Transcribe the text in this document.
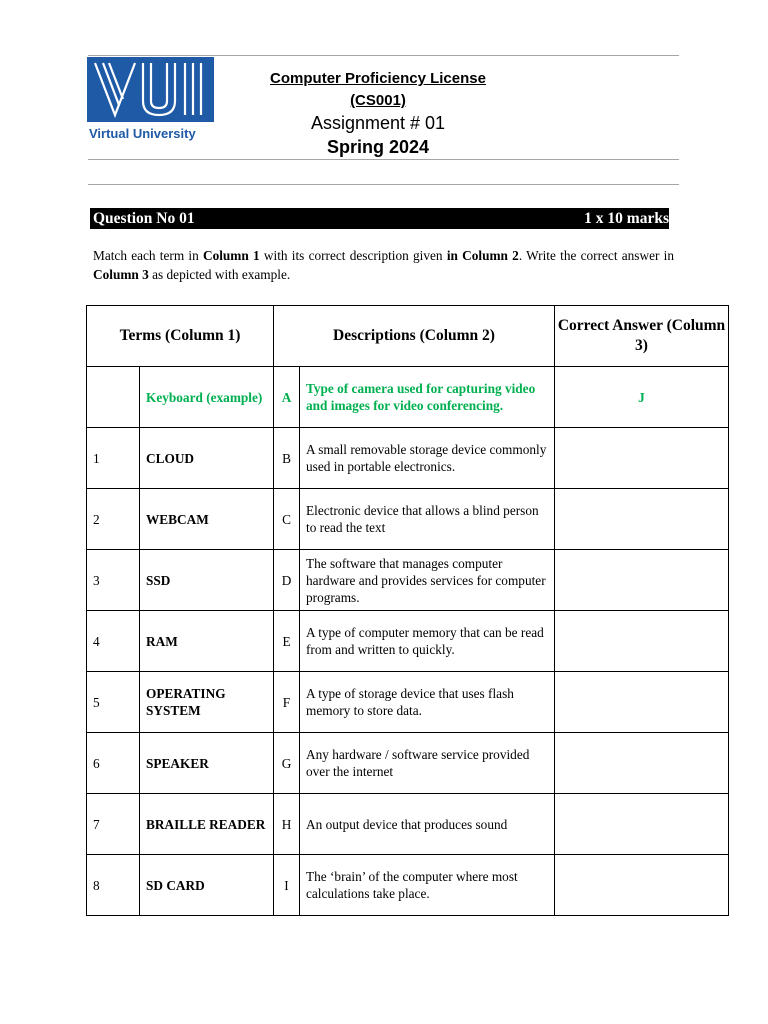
Virtual University
Computer Proficiency License
(CS001)
Assignment # 01
Spring 2024
Question No 01	1 x 10 marks
Match each term in Column 1 with its correct description given in Column 2. Write the correct answer in Column 3 as depicted with example.
Terms (Column 1)		Descriptions (Column 2)		Correct Answer (Column 3)
	Keyboard (example)	A	Type of camera used for capturing video and images for video conferencing.	J
1	CLOUD	B	A small removable storage device commonly used in portable electronics.	
2	WEBCAM	C	Electronic device that allows a blind person to read the text	
3	SSD	D	The software that manages computer hardware and provides services for computer programs.	
4	RAM	E	A type of computer memory that can be read from and written to quickly.	
5	OPERATING SYSTEM	F	A type of storage device that uses flash memory to store data.	
6	SPEAKER	G	Any hardware / software service provided over the internet	
7	BRAILLE READER	H	An output device that produces sound	
8	SD CARD	I	The ‘brain’ of the computer where most calculations take place.	
